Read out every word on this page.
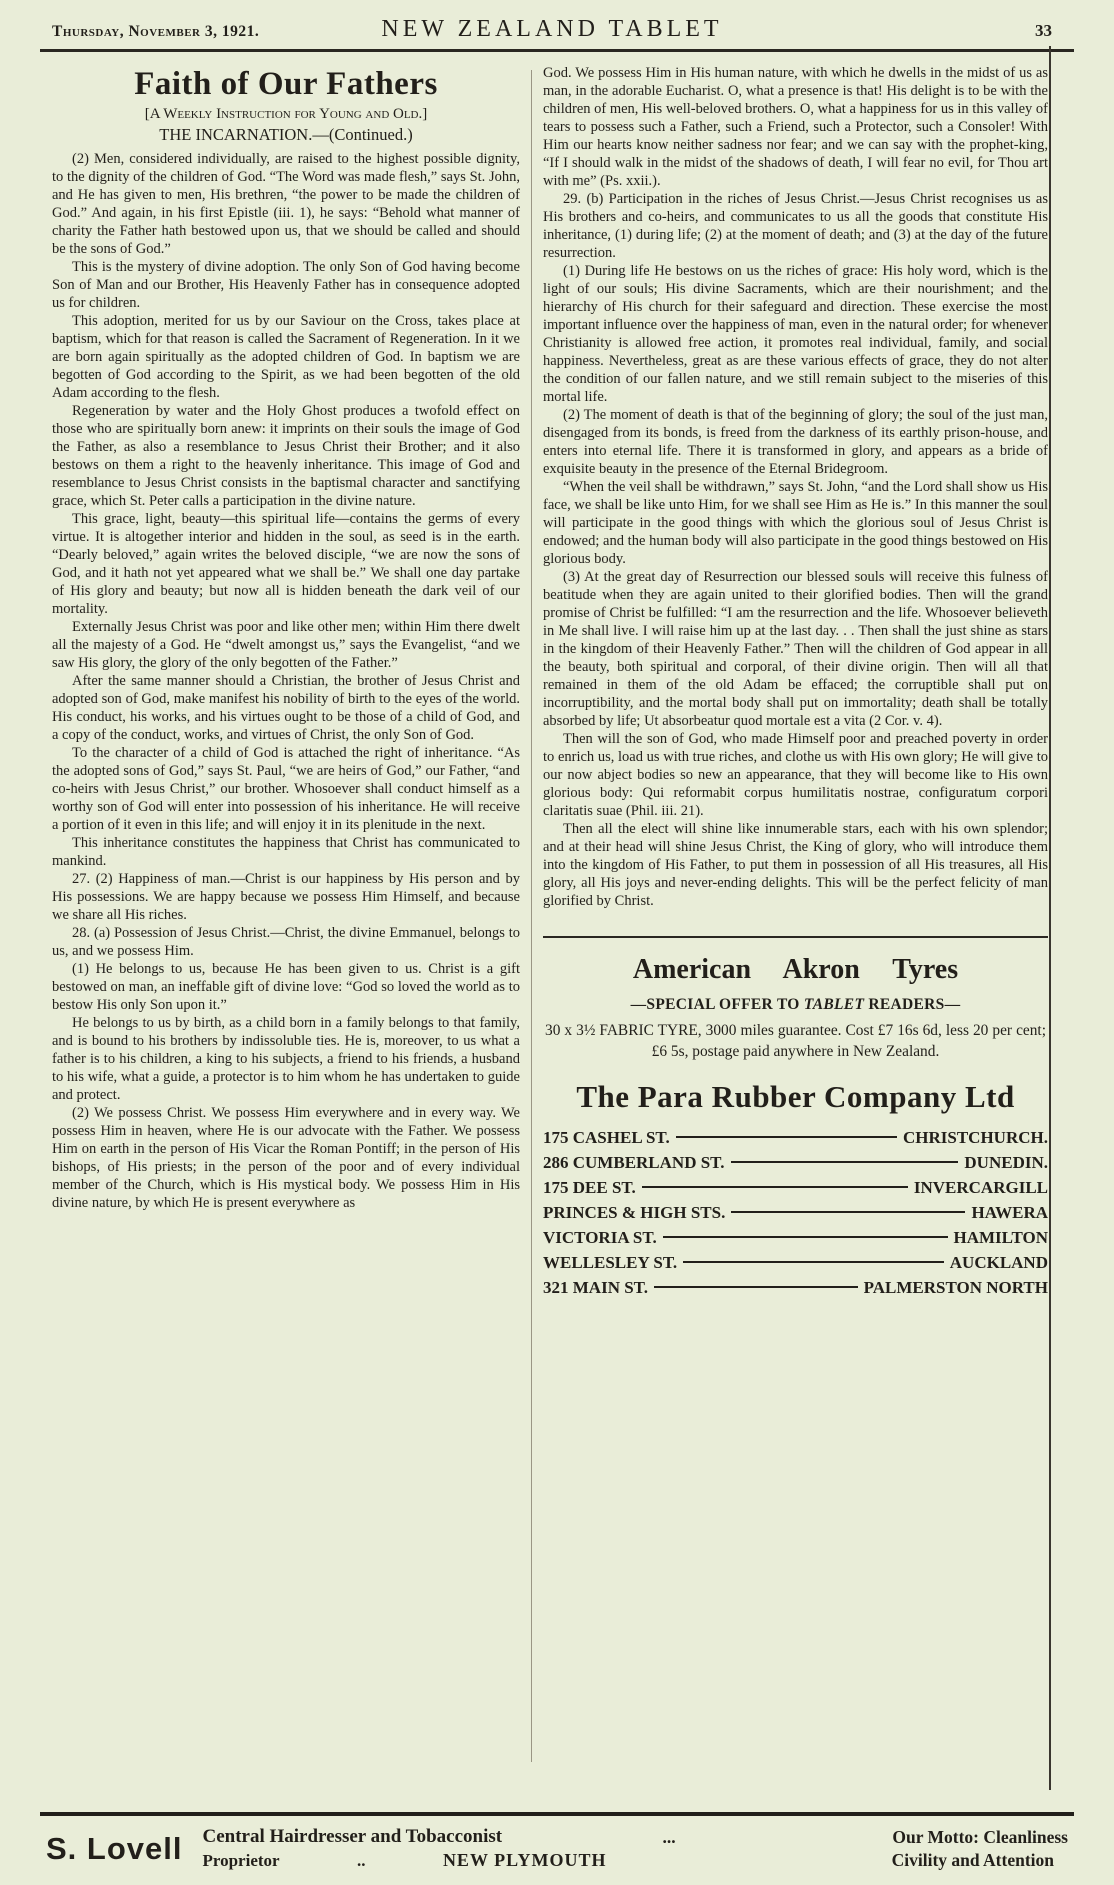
Thursday, November 3, 1921.	NEW ZEALAND TABLET	33
Faith of Our Fathers
[A Weekly Instruction for Young and Old.]
THE INCARNATION.—(Continued.)

(2) Men, considered individually, are raised to the highest possible dignity, to the dignity of the children of God. “The Word was made flesh,” says St. John, and He has given to men, His brethren, “the power to be made the children of God.” And again, in his first Epistle (iii. 1), he says: “Behold what manner of charity the Father hath bestowed upon us, that we should be called and should be the sons of God.”

This is the mystery of divine adoption. The only Son of God having become Son of Man and our Brother, His Heavenly Father has in consequence adopted us for children.

This adoption, merited for us by our Saviour on the Cross, takes place at baptism, which for that reason is called the Sacrament of Regeneration. In it we are born again spiritually as the adopted children of God. In baptism we are begotten of God according to the Spirit, as we had been begotten of the old Adam according to the flesh.

Regeneration by water and the Holy Ghost produces a twofold effect on those who are spiritually born anew: it imprints on their souls the image of God the Father, as also a resemblance to Jesus Christ their Brother; and it also bestows on them a right to the heavenly inheritance. This image of God and resemblance to Jesus Christ consists in the baptismal character and sanctifying grace, which St. Peter calls a participation in the divine nature.

This grace, light, beauty—this spiritual life—contains the germs of every virtue. It is altogether interior and hidden in the soul, as seed is in the earth. “Dearly beloved,” again writes the beloved disciple, “we are now the sons of God, and it hath not yet appeared what we shall be.” We shall one day partake of His glory and beauty; but now all is hidden beneath the dark veil of our mortality.

Externally Jesus Christ was poor and like other men; within Him there dwelt all the majesty of a God. He “dwelt amongst us,” says the Evangelist, “and we saw His glory, the glory of the only begotten of the Father.”

After the same manner should a Christian, the brother of Jesus Christ and adopted son of God, make manifest his nobility of birth to the eyes of the world. His conduct, his works, and his virtues ought to be those of a child of God, and a copy of the conduct, works, and virtues of Christ, the only Son of God.

To the character of a child of God is attached the right of inheritance. “As the adopted sons of God,” says St. Paul, “we are heirs of God,” our Father, “and co-heirs with Jesus Christ,” our brother. Whosoever shall conduct himself as a worthy son of God will enter into possession of his inheritance. He will receive a portion of it even in this life; and will enjoy it in its plenitude in the next.

This inheritance constitutes the happiness that Christ has communicated to mankind.

27. (2) Happiness of man.—Christ is our happiness by His person and by His possessions. We are happy because we possess Him Himself, and because we share all His riches.

28. (a) Possession of Jesus Christ.—Christ, the divine Emmanuel, belongs to us, and we possess Him.

(1) He belongs to us, because He has been given to us. Christ is a gift bestowed on man, an ineffable gift of divine love: “God so loved the world as to bestow His only Son upon it.”

He belongs to us by birth, as a child born in a family belongs to that family, and is bound to his brothers by indissoluble ties. He is, moreover, to us what a father is to his children, a king to his subjects, a friend to his friends, a husband to his wife, what a guide, a protector is to him whom he has undertaken to guide and protect.

(2) We possess Christ. We possess Him everywhere and in every way. We possess Him in heaven, where He is our advocate with the Father. We possess Him on earth in the person of His Vicar the Roman Pontiff; in the person of His bishops, of His priests; in the person of the poor and of every individual member of the Church, which is His mystical body. We possess Him in His divine nature, by which He is present everywhere as

God. We possess Him in His human nature, with which he dwells in the midst of us as man, in the adorable Eucharist. O, what a presence is that! His delight is to be with the children of men, His well-beloved brothers. O, what a happiness for us in this valley of tears to possess such a Father, such a Friend, such a Protector, such a Consoler! With Him our hearts know neither sadness nor fear; and we can say with the prophet-king, “If I should walk in the midst of the shadows of death, I will fear no evil, for Thou art with me” (Ps. xxii.).

29. (b) Participation in the riches of Jesus Christ.—Jesus Christ recognises us as His brothers and co-heirs, and communicates to us all the goods that constitute His inheritance, (1) during life; (2) at the moment of death; and (3) at the day of the future resurrection.

(1) During life He bestows on us the riches of grace: His holy word, which is the light of our souls; His divine Sacraments, which are their nourishment; and the hierarchy of His church for their safeguard and direction. These exercise the most important influence over the happiness of man, even in the natural order; for whenever Christianity is allowed free action, it promotes real individual, family, and social happiness. Nevertheless, great as are these various effects of grace, they do not alter the condition of our fallen nature, and we still remain subject to the miseries of this mortal life.

(2) The moment of death is that of the beginning of glory; the soul of the just man, disengaged from its bonds, is freed from the darkness of its earthly prison-house, and enters into eternal life. There it is transformed in glory, and appears as a bride of exquisite beauty in the presence of the Eternal Bridegroom.

“When the veil shall be withdrawn,” says St. John, “and the Lord shall show us His face, we shall be like unto Him, for we shall see Him as He is.” In this manner the soul will participate in the good things with which the glorious soul of Jesus Christ is endowed; and the human body will also participate in the good things bestowed on His glorious body.

(3) At the great day of Resurrection our blessed souls will receive this fulness of beatitude when they are again united to their glorified bodies. Then will the grand promise of Christ be fulfilled: “I am the resurrection and the life. Whosoever believeth in Me shall live. I will raise him up at the last day. . . Then shall the just shine as stars in the kingdom of their Heavenly Father.” Then will the children of God appear in all the beauty, both spiritual and corporal, of their divine origin. Then will all that remained in them of the old Adam be effaced; the corruptible shall put on incorruptibility, and the mortal body shall put on immortality; death shall be totally absorbed by life; Ut absorbeatur quod mortale est a vita (2 Cor. v. 4).

Then will the son of God, who made Himself poor and preached poverty in order to enrich us, load us with true riches, and clothe us with His own glory; He will give to our now abject bodies so new an appearance, that they will become like to His own glorious body: Qui reformabit corpus humilitatis nostrae, configuratum corpori claritatis suae (Phil. iii. 21).

Then all the elect will shine like innumerable stars, each with his own splendor; and at their head will shine Jesus Christ, the King of glory, who will introduce them into the kingdom of His Father, to put them in possession of all His treasures, all His glory, all His joys and never-ending delights. This will be the perfect felicity of man glorified by Christ.

American Akron Tyres
—SPECIAL OFFER TO TABLET READERS—

30 x 3½ FABRIC TYRE, 3000 miles guarantee. Cost £7 16s 6d, less 20 per cent; £6 5s, postage paid anywhere in New Zealand.

The Para Rubber Company Ltd
175 CASHEL ST.	CHRISTCHURCH.
286 CUMBERLAND ST.	DUNEDIN.
175 DEE ST.	INVERCARGILL
PRINCES & HIGH STS.	HAWERA
VICTORIA ST.	HAMILTON
WELLESLEY ST.	AUCKLAND
321 MAIN ST.	PALMERSTON NORTH
S. Lovell Central Hairdresser and Tobacconist
Proprietor	..	NEW PLYMOUTH
...	Our Motto: Cleanliness
Civility and Attention
